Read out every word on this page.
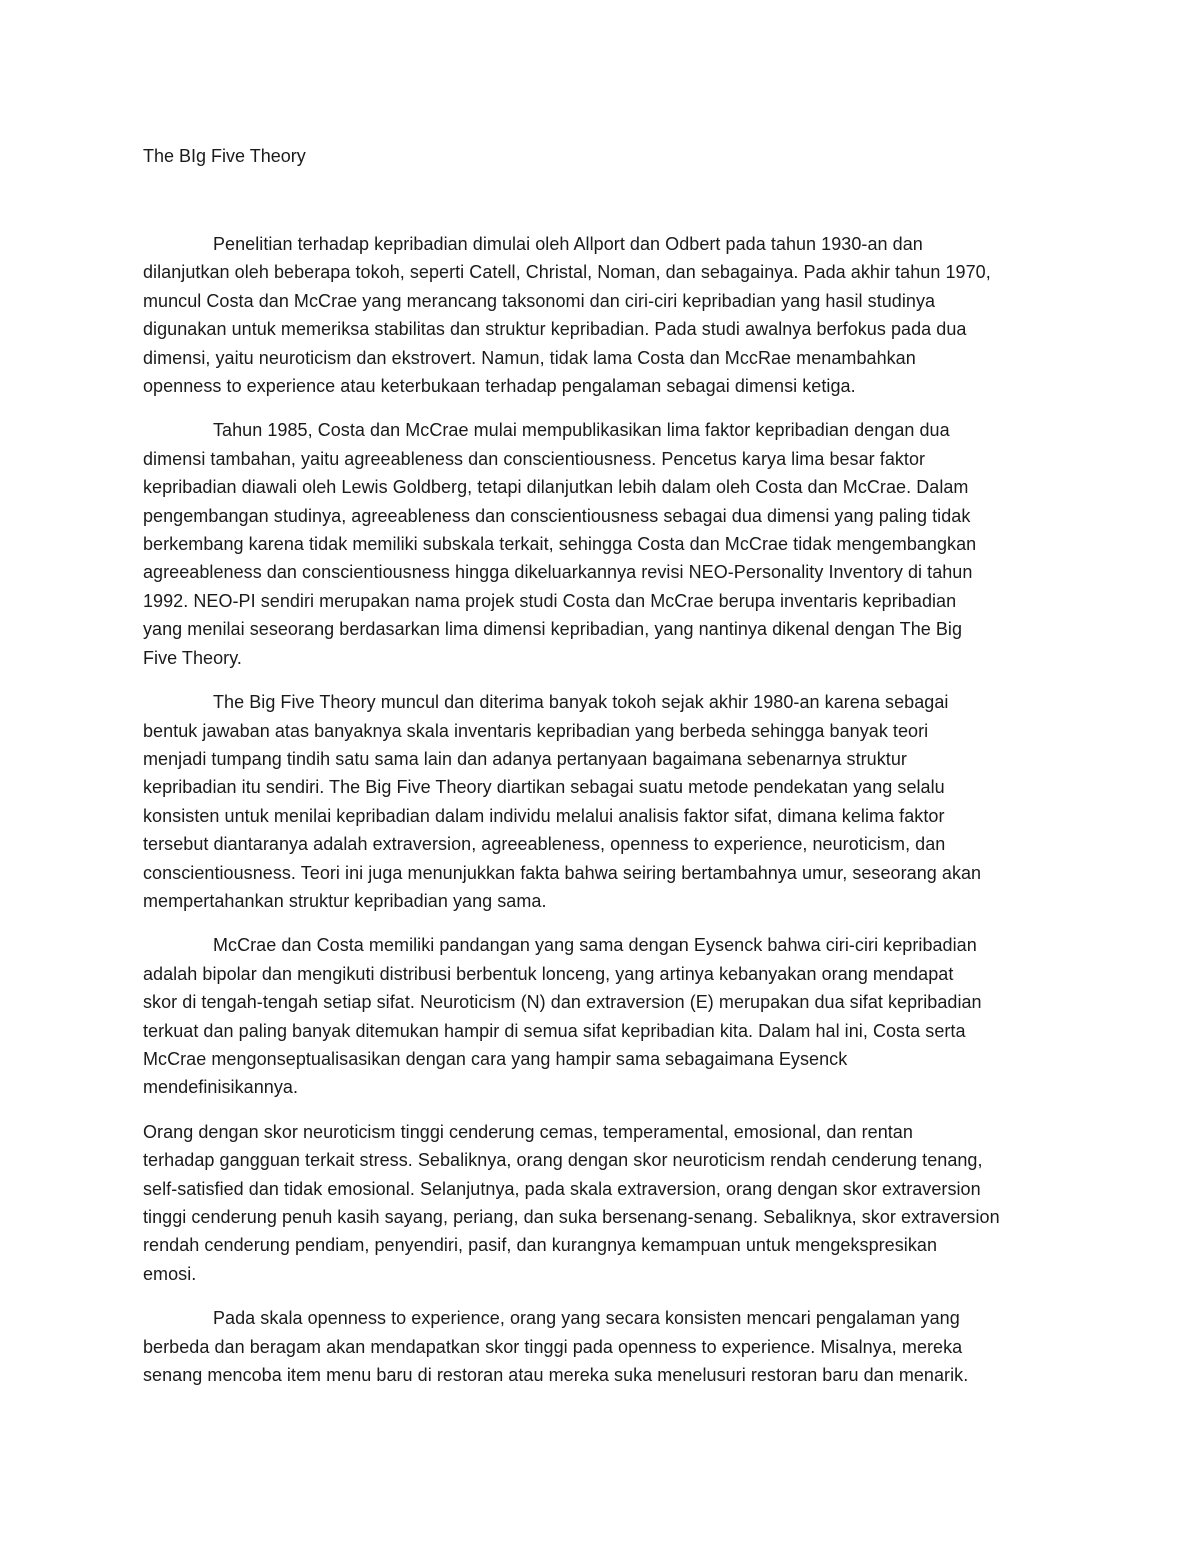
The BIg Five Theory

Penelitian terhadap kepribadian dimulai oleh Allport dan Odbert pada tahun 1930-an dan
dilanjutkan oleh beberapa tokoh, seperti Catell, Christal, Noman, dan sebagainya. Pada akhir tahun 1970,
muncul Costa dan McCrae yang merancang taksonomi dan ciri-ciri kepribadian yang hasil studinya
digunakan untuk memeriksa stabilitas dan struktur kepribadian. Pada studi awalnya berfokus pada dua
dimensi, yaitu neuroticism dan ekstrovert. Namun, tidak lama Costa dan MccRae menambahkan
openness to experience atau keterbukaan terhadap pengalaman sebagai dimensi ketiga.

Tahun 1985, Costa dan McCrae mulai mempublikasikan lima faktor kepribadian dengan dua
dimensi tambahan, yaitu agreeableness dan conscientiousness. Pencetus karya lima besar faktor
kepribadian diawali oleh Lewis Goldberg, tetapi dilanjutkan lebih dalam oleh Costa dan McCrae. Dalam
pengembangan studinya, agreeableness dan conscientiousness sebagai dua dimensi yang paling tidak
berkembang karena tidak memiliki subskala terkait, sehingga Costa dan McCrae tidak mengembangkan
agreeableness dan conscientiousness hingga dikeluarkannya revisi NEO-Personality Inventory di tahun
1992. NEO-PI sendiri merupakan nama projek studi Costa dan McCrae berupa inventaris kepribadian
yang menilai seseorang berdasarkan lima dimensi kepribadian, yang nantinya dikenal dengan The Big
Five Theory.

The Big Five Theory muncul dan diterima banyak tokoh sejak akhir 1980-an karena sebagai
bentuk jawaban atas banyaknya skala inventaris kepribadian yang berbeda sehingga banyak teori
menjadi tumpang tindih satu sama lain dan adanya pertanyaan bagaimana sebenarnya struktur
kepribadian itu sendiri. The Big Five Theory diartikan sebagai suatu metode pendekatan yang selalu
konsisten untuk menilai kepribadian dalam individu melalui analisis faktor sifat, dimana kelima faktor
tersebut diantaranya adalah extraversion, agreeableness, openness to experience, neuroticism, dan
conscientiousness. Teori ini juga menunjukkan fakta bahwa seiring bertambahnya umur, seseorang akan
mempertahankan struktur kepribadian yang sama.

McCrae dan Costa memiliki pandangan yang sama dengan Eysenck bahwa ciri-ciri kepribadian
adalah bipolar dan mengikuti distribusi berbentuk lonceng, yang artinya kebanyakan orang mendapat
skor di tengah-tengah setiap sifat. Neuroticism (N) dan extraversion (E) merupakan dua sifat kepribadian
terkuat dan paling banyak ditemukan hampir di semua sifat kepribadian kita. Dalam hal ini, Costa serta
McCrae mengonseptualisasikan dengan cara yang hampir sama sebagaimana Eysenck
mendefinisikannya.

Orang dengan skor neuroticism tinggi cenderung cemas, temperamental, emosional, dan rentan
terhadap gangguan terkait stress. Sebaliknya, orang dengan skor neuroticism rendah cenderung tenang,
self-satisfied dan tidak emosional. Selanjutnya, pada skala extraversion, orang dengan skor extraversion
tinggi cenderung penuh kasih sayang, periang, dan suka bersenang-senang. Sebaliknya, skor extraversion
rendah cenderung pendiam, penyendiri, pasif, dan kurangnya kemampuan untuk mengekspresikan
emosi.

Pada skala openness to experience, orang yang secara konsisten mencari pengalaman yang
berbeda dan beragam akan mendapatkan skor tinggi pada openness to experience. Misalnya, mereka
senang mencoba item menu baru di restoran atau mereka suka menelusuri restoran baru dan menarik.
